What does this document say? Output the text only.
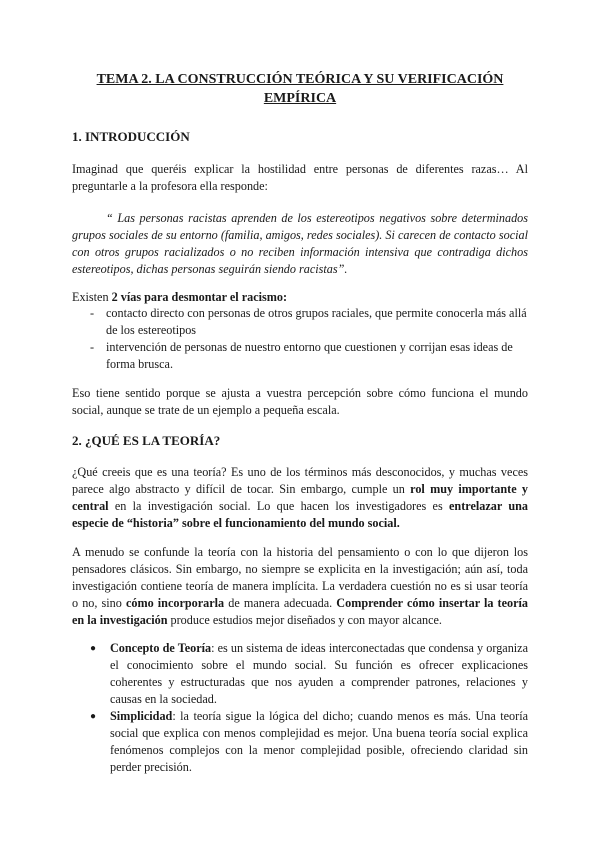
TEMA 2. LA CONSTRUCCIÓN TEÓRICA Y SU VERIFICACIÓN EMPÍRICA
1. INTRODUCCIÓN
Imaginad que queréis explicar la hostilidad entre personas de diferentes razas… Al preguntarle a la profesora ella responde:
“ Las personas racistas aprenden de los estereotipos negativos sobre determinados grupos sociales de su entorno (familia, amigos, redes sociales). Si carecen de contacto social con otros grupos racializados o no reciben información intensiva que contradiga dichos estereotipos, dichas personas seguirán siendo racistas”.
Existen 2 vías para desmontar el racismo:
- contacto directo con personas de otros grupos raciales, que permite conocerla más allá de los estereotipos
- intervención de personas de nuestro entorno que cuestionen y corrijan esas ideas de forma brusca.
Eso tiene sentido porque se ajusta a vuestra percepción sobre cómo funciona el mundo social, aunque se trate de un ejemplo a pequeña escala.
2. ¿QUÉ ES LA TEORÍA?
¿Qué creeis que es una teoría? Es uno de los términos más desconocidos, y muchas veces parece algo abstracto y difícil de tocar. Sin embargo, cumple un rol muy importante y central en la investigación social. Lo que hacen los investigadores es entrelazar una especie de “historia” sobre el funcionamiento del mundo social.
A menudo se confunde la teoría con la historia del pensamiento o con lo que dijeron los pensadores clásicos. Sin embargo, no siempre se explicita en la investigación; aún así, toda investigación contiene teoría de manera implícita. La verdadera cuestión no es si usar teoría o no, sino cómo incorporarla de manera adecuada. Comprender cómo insertar la teoría en la investigación produce estudios mejor diseñados y con mayor alcance.
● Concepto de Teoría: es un sistema de ideas interconectadas que condensa y organiza el conocimiento sobre el mundo social. Su función es ofrecer explicaciones coherentes y estructuradas que nos ayuden a comprender patrones, relaciones y causas en la sociedad.
● Simplicidad: la teoría sigue la lógica del dicho; cuando menos es más. Una teoría social que explica con menos complejidad es mejor. Una buena teoría social explica fenómenos complejos con la menor complejidad posible, ofreciendo claridad sin perder precisión.
